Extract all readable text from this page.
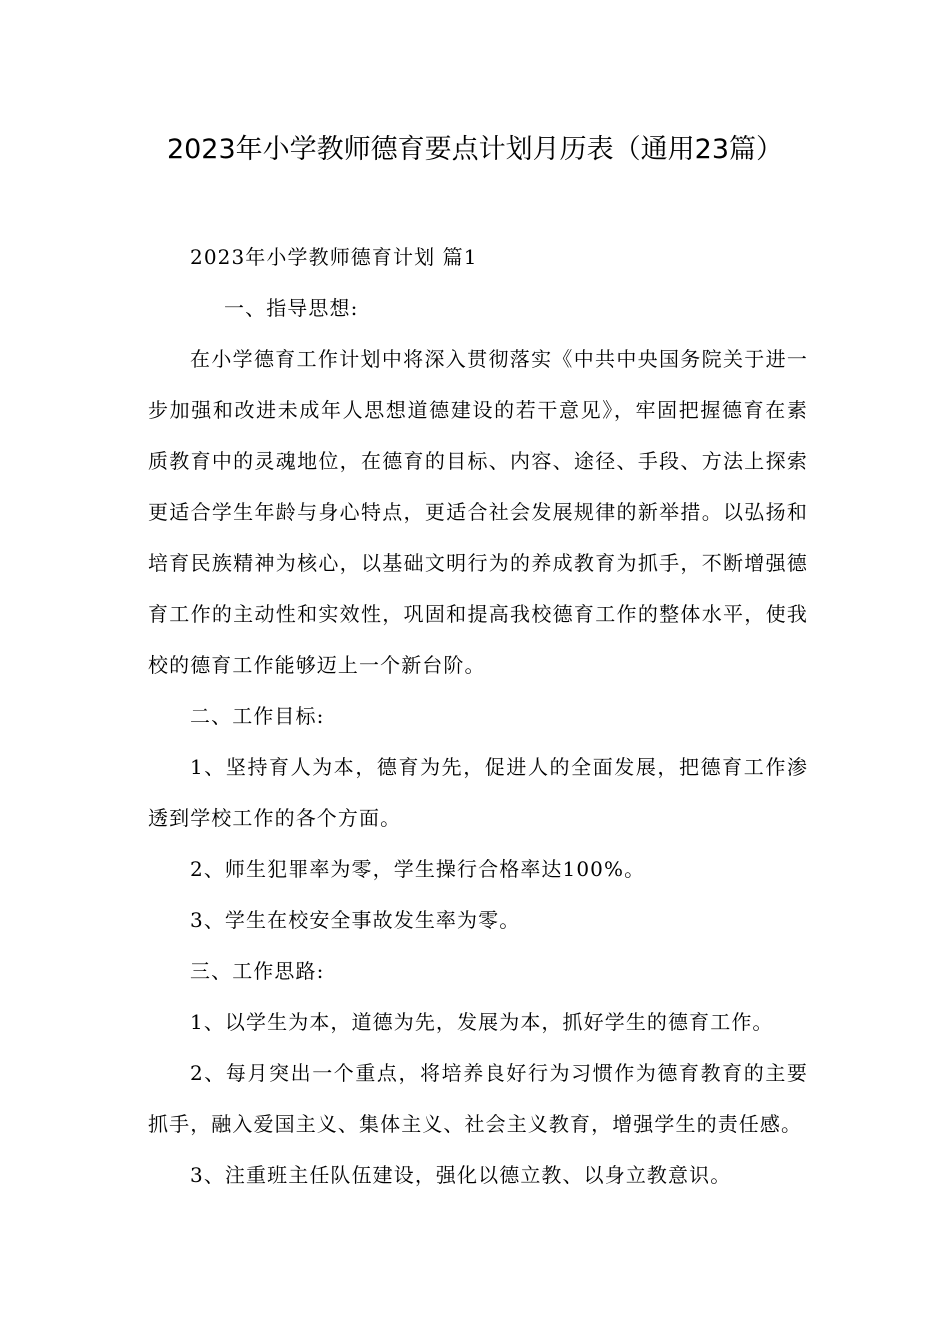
2023年小学教师德育要点计划月历表（通用23篇）

2023年小学教师德育计划 篇1

一、指导思想:

在小学德育工作计划中将深入贯彻落实《中共中央国务院关于进一步加强和改进未成年人思想道德建设的若干意见》，牢固把握德育在素质教育中的灵魂地位，在德育的目标、内容、途径、手段、方法上探索更适合学生年龄与身心特点，更适合社会发展规律的新举措。以弘扬和培育民族精神为核心，以基础文明行为的养成教育为抓手，不断增强德育工作的主动性和实效性，巩固和提高我校德育工作的整体水平，使我校的德育工作能够迈上一个新台阶。

二、工作目标:

1、坚持育人为本，德育为先，促进人的全面发展，把德育工作渗透到学校工作的各个方面。

2、师生犯罪率为零，学生操行合格率达100%。

3、学生在校安全事故发生率为零。

三、工作思路:

1、以学生为本，道德为先，发展为本，抓好学生的德育工作。

2、每月突出一个重点，将培养良好行为习惯作为德育教育的主要抓手，融入爱国主义、集体主义、社会主义教育，增强学生的责任感。

3、注重班主任队伍建设，强化以德立教、以身立教意识。
